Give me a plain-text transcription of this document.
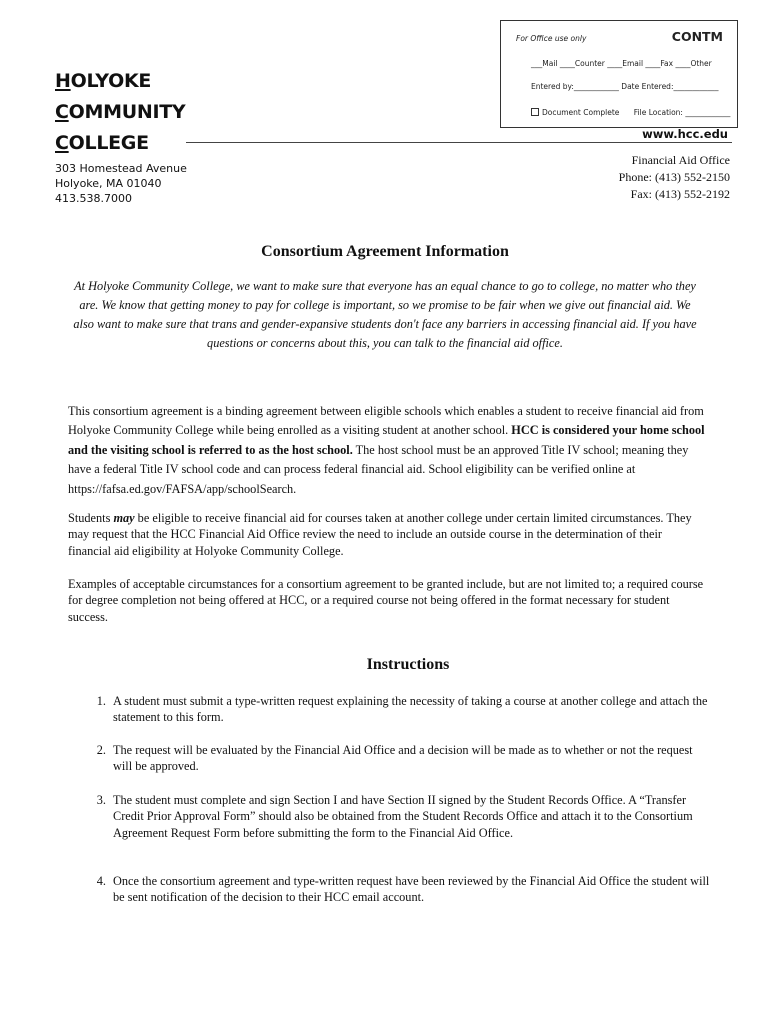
HOLYOKE
COMMUNITY
COLLEGE
303 Homestead Avenue
Holyoke, MA 01040
413.538.7000
For Office use only	CONTM
___Mail ____Counter ____Email ____Fax ____Other
Entered by:____________ Date Entered:____________
Document Complete File Location: ____________
www.hcc.edu
Financial Aid Office
Phone: (413) 552-2150
Fax: (413) 552-2192
Consortium Agreement Information
At Holyoke Community College, we want to make sure that everyone has an equal chance to go to college, no matter who they are. We know that getting money to pay for college is important, so we promise to be fair when we give out financial aid. We also want to make sure that trans and gender-expansive students don't face any barriers in accessing financial aid. If you have questions or concerns about this, you can talk to the financial aid office.
This consortium agreement is a binding agreement between eligible schools which enables a student to receive financial aid from Holyoke Community College while being enrolled as a visiting student at another school. HCC is considered your home school and the visiting school is referred to as the host school. The host school must be an approved Title IV school; meaning they have a federal Title IV school code and can process federal financial aid. School eligibility can be verified online at https://fafsa.ed.gov/FAFSA/app/schoolSearch.
Students may be eligible to receive financial aid for courses taken at another college under certain limited circumstances. They may request that the HCC Financial Aid Office review the need to include an outside course in the determination of their financial aid eligibility at Holyoke Community College.
Examples of acceptable circumstances for a consortium agreement to be granted include, but are not limited to; a required course for degree completion not being offered at HCC, or a required course not being offered in the format necessary for student success.
Instructions
1. A student must submit a type-written request explaining the necessity of taking a course at another college and attach the statement to this form.
2. The request will be evaluated by the Financial Aid Office and a decision will be made as to whether or not the request will be approved.
3. The student must complete and sign Section I and have Section II signed by the Student Records Office. A “Transfer Credit Prior Approval Form” should also be obtained from the Student Records Office and attach it to the Consortium Agreement Request Form before submitting the form to the Financial Aid Office.
4. Once the consortium agreement and type-written request have been reviewed by the Financial Aid Office the student will be sent notification of the decision to their HCC email account.
